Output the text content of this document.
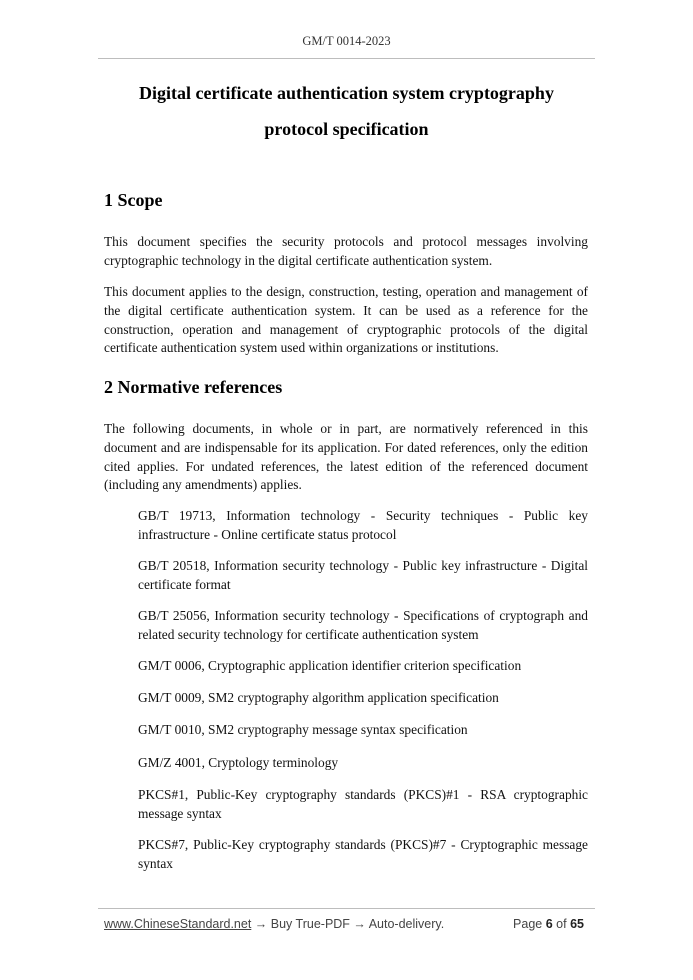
GM/T 0014-2023
Digital certificate authentication system cryptography
protocol specification
1 Scope
This document specifies the security protocols and protocol messages involving cryptographic technology in the digital certificate authentication system.
This document applies to the design, construction, testing, operation and management of the digital certificate authentication system. It can be used as a reference for the construction, operation and management of cryptographic protocols of the digital certificate authentication system used within organizations or institutions.
2 Normative references
The following documents, in whole or in part, are normatively referenced in this document and are indispensable for its application. For dated references, only the edition cited applies. For undated references, the latest edition of the referenced document (including any amendments) applies.
GB/T 19713, Information technology - Security techniques - Public key infrastructure - Online certificate status protocol
GB/T 20518, Information security technology - Public key infrastructure - Digital certificate format
GB/T 25056, Information security technology - Specifications of cryptograph and related security technology for certificate authentication system
GM/T 0006, Cryptographic application identifier criterion specification
GM/T 0009, SM2 cryptography algorithm application specification
GM/T 0010, SM2 cryptography message syntax specification
GM/Z 4001, Cryptology terminology
PKCS#1, Public-Key cryptography standards (PKCS)#1 - RSA cryptographic message syntax
PKCS#7, Public-Key cryptography standards (PKCS)#7 - Cryptographic message syntax
www.ChineseStandard.net → Buy True-PDF → Auto-delivery.	Page 6 of 65
